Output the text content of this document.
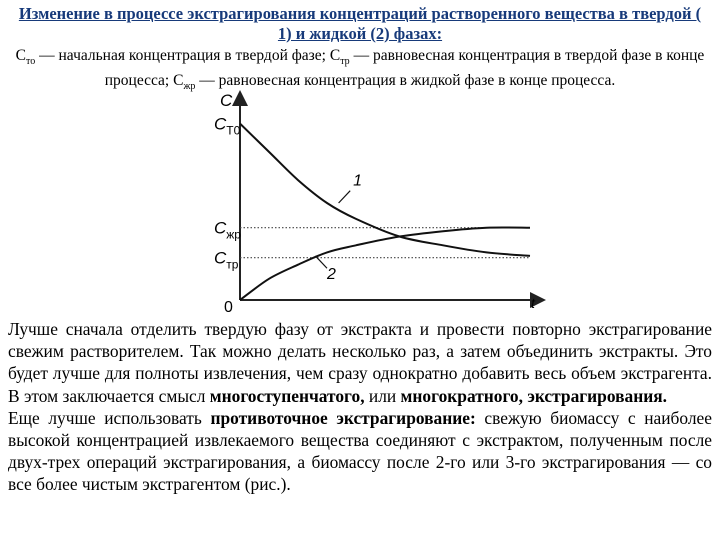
Изменение в процессе экстрагирования концентраций растворенного вещества в твердой ( 1) и жидкой (2) фазах:
$C_{то}$ — начальная концентрация в твердой фазе; $C_{тр}$ — равновесная концентрация в твердой фазе в конце процесса; $C_{жр}$ — равновесная концентрация в жидкой фазе в конце процесса.
C
t
0
$C_{T0}$
$C_{жр}$
$C_{тр}$
1
2

Лучше сначала отделить твердую фазу от экстракта и провести повторно экстрагирование свежим растворителем. Так можно делать несколько раз, а затем объединить экстракты. Это будет лучше для полноты извлечения, чем сразу однократно добавить весь объем экстрагента. В этом заключается смысл многоступенчатого, или многократного, экстрагирования.

Еще лучше использовать противоточное экстрагирование: свежую биомассу с наиболее высокой концентрацией извлекаемого вещества соединяют с экстрактом, полученным после двух-трех операций экстрагирования, а биомассу после 2-го или 3-го экстрагирования — со все более чистым экстрагентом (рис.).
